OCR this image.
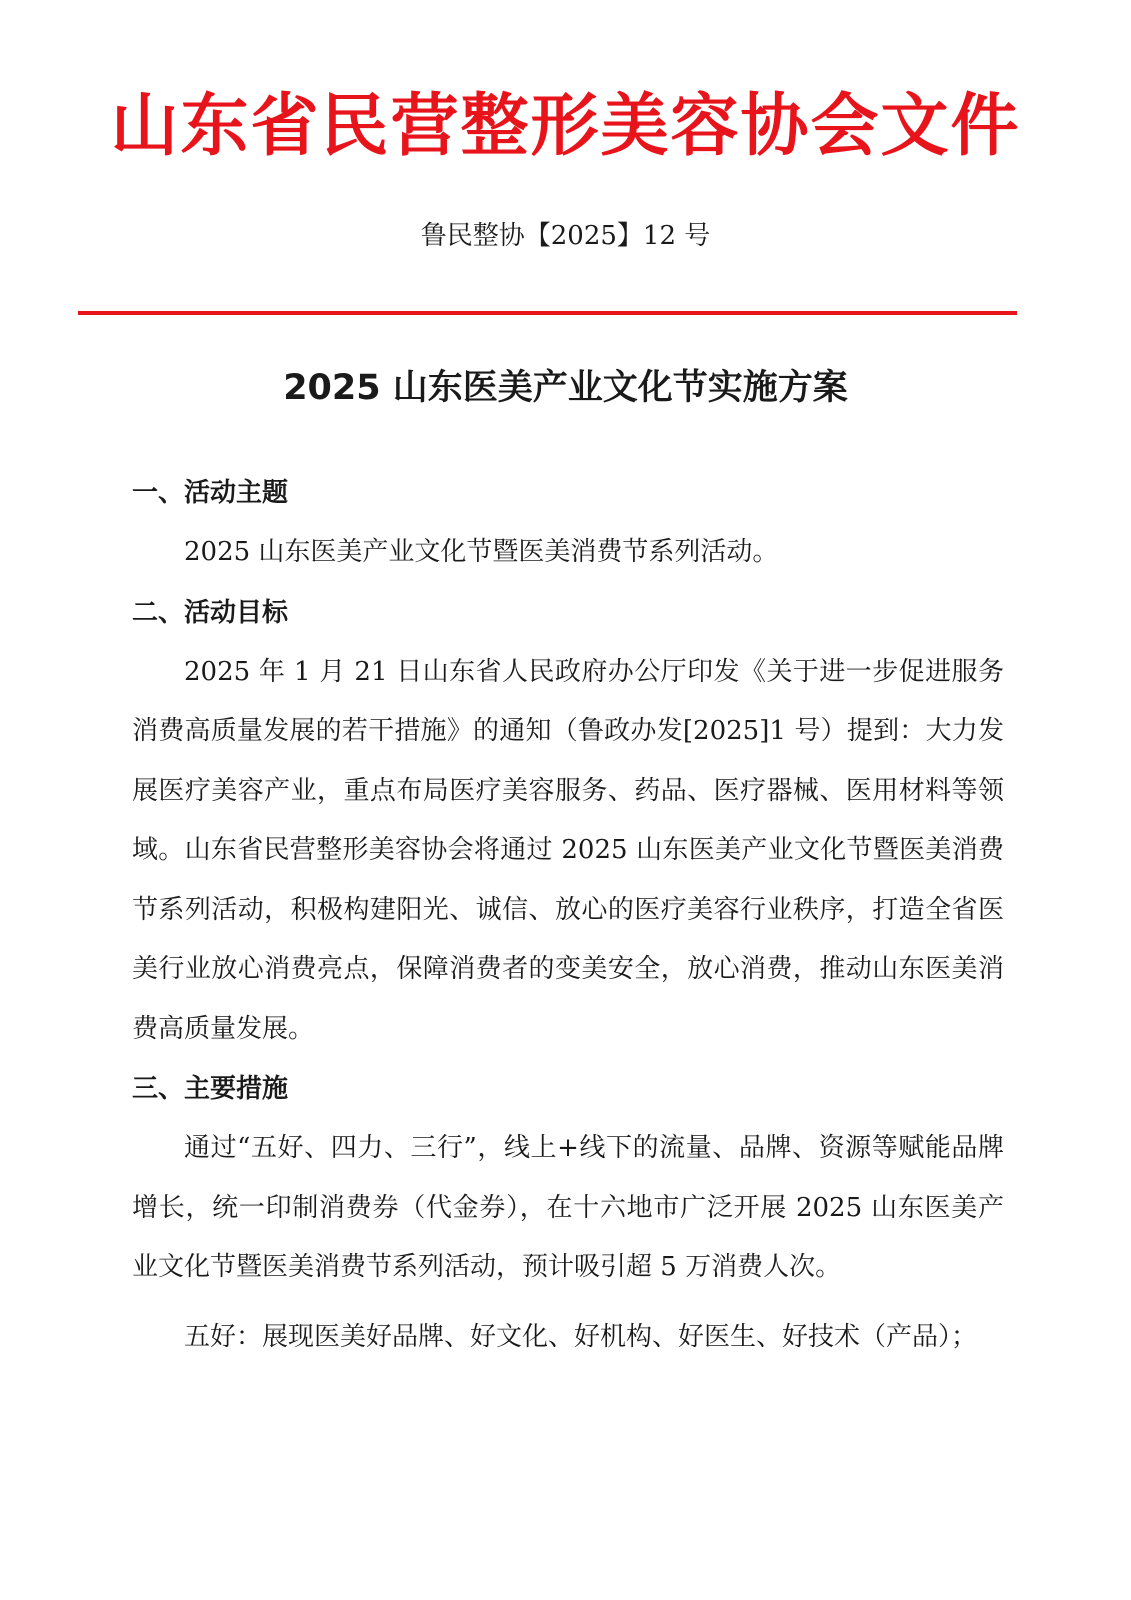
山东省民营整形美容协会文件
鲁民整协【2025】12 号
2025 山东医美产业文化节实施方案
一、活动主题

2025 山东医美产业文化节暨医美消费节系列活动。

二、活动目标

2025 年 1 月 21 日山东省人民政府办公厅印发《关于进一步促进服务消费高质量发展的若干措施》的通知（鲁政办发[2025]1 号）提到：大力发展医疗美容产业，重点布局医疗美容服务、药品、医疗器械、医用材料等领域。山东省民营整形美容协会将通过 2025 山东医美产业文化节暨医美消费节系列活动，积极构建阳光、诚信、放心的医疗美容行业秩序，打造全省医美行业放心消费亮点，保障消费者的变美安全，放心消费，推动山东医美消费高质量发展。

三、主要措施

通过“五好、四力、三行”，线上+线下的流量、品牌、资源等赋能品牌增长，统一印制消费券（代金券），在十六地市广泛开展 2025 山东医美产业文化节暨医美消费节系列活动，预计吸引超 5 万消费人次。

五好：展现医美好品牌、好文化、好机构、好医生、好技术（产品）；
